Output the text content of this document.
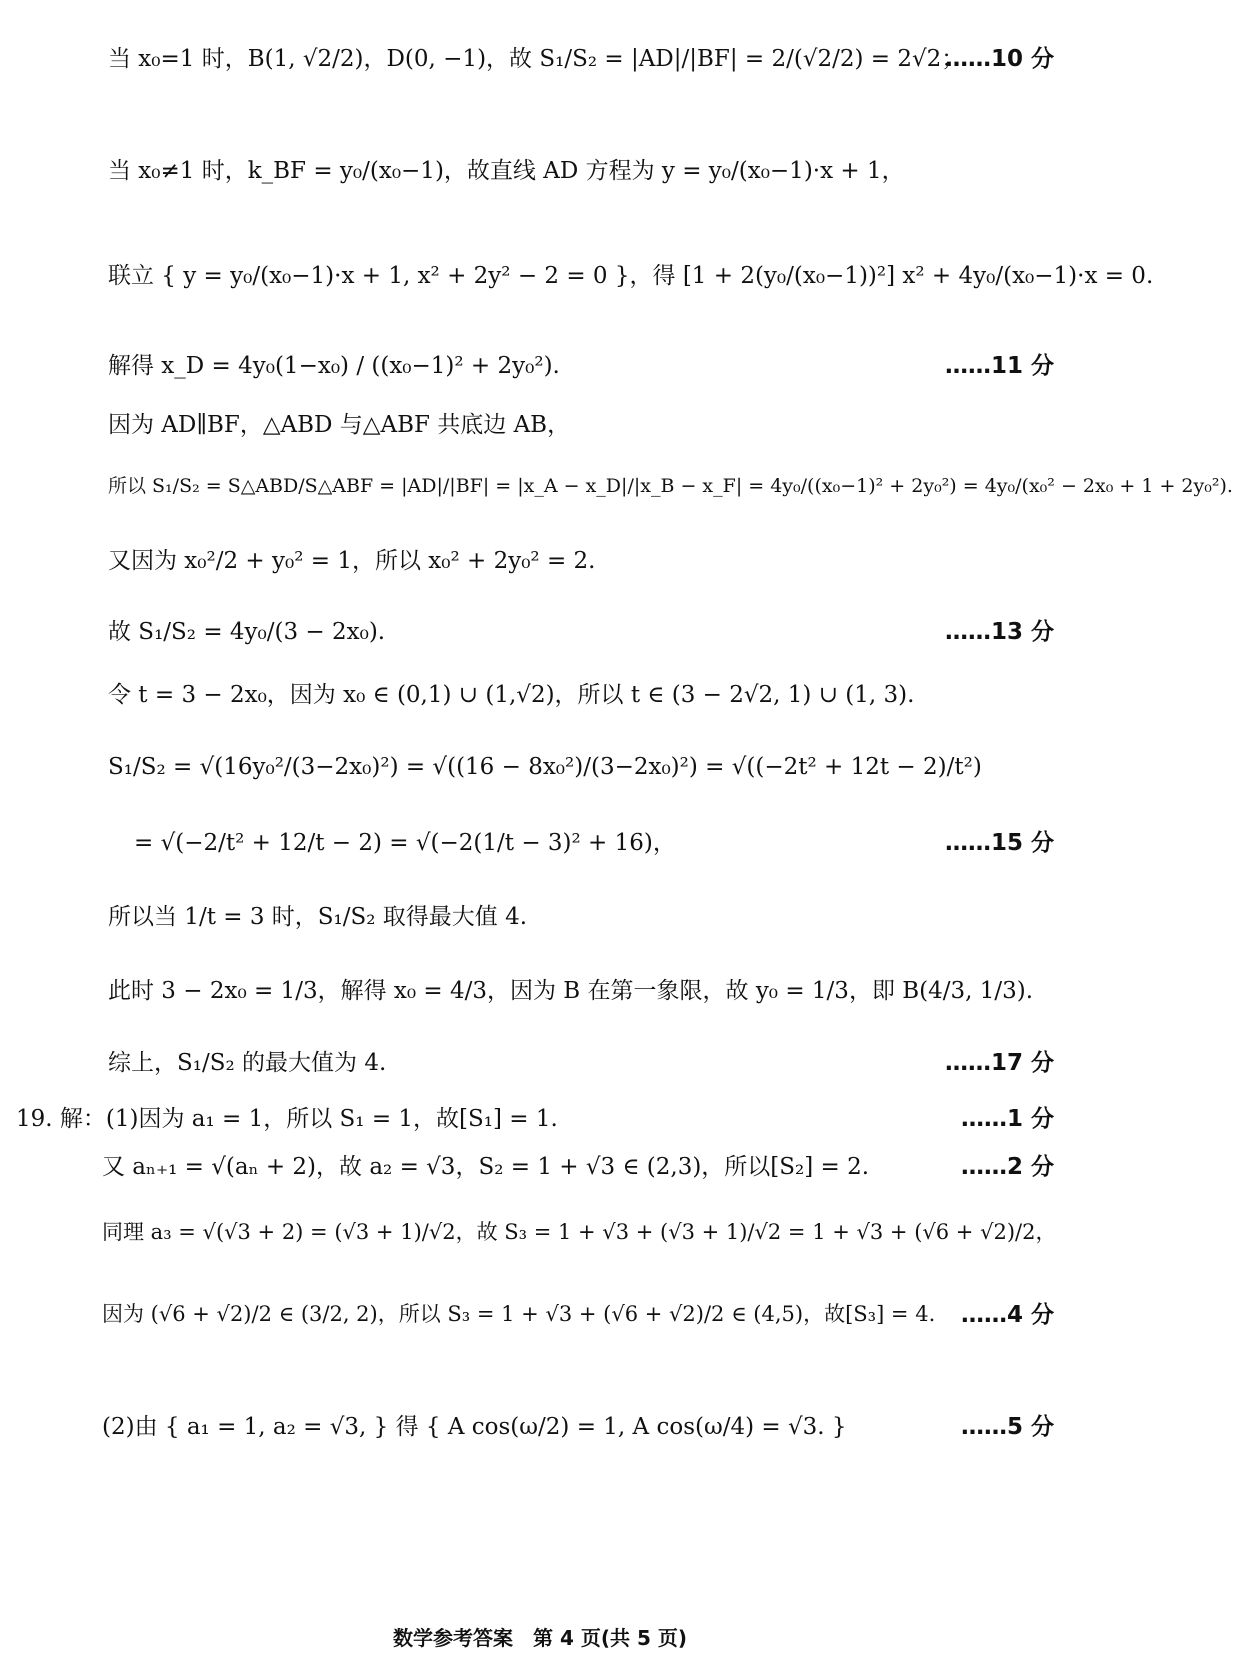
当 x₀=1 时，B(1, √2/2)，D(0, −1)，故 S₁/S₂ = |AD|/|BF| = 2/(√2/2) = 2√2；
……10 分
当 x₀≠1 时，k_BF = y₀/(x₀−1)，故直线 AD 方程为 y = y₀/(x₀−1)·x + 1，
联立 { y = y₀/(x₀−1)·x + 1, x² + 2y² − 2 = 0 }，得 [1 + 2(y₀/(x₀−1))²] x² + 4y₀/(x₀−1)·x = 0.
解得 x_D = 4y₀(1−x₀) / ((x₀−1)² + 2y₀²).	……11 分
因为 AD∥BF，△ABD 与△ABF 共底边 AB，
所以 S₁/S₂ = S△ABD/S△ABF = |AD|/|BF| = |x_A − x_D|/|x_B − x_F| = 4y₀/((x₀−1)² + 2y₀²) = 4y₀/(x₀² − 2x₀ + 1 + 2y₀²).
又因为 x₀²/2 + y₀² = 1，所以 x₀² + 2y₀² = 2.
故 S₁/S₂ = 4y₀/(3 − 2x₀).	……13 分
令 t = 3 − 2x₀，因为 x₀ ∈ (0,1) ∪ (1,√2)，所以 t ∈ (3 − 2√2, 1) ∪ (1, 3).
S₁/S₂ = √(16y₀²/(3−2x₀)²) = √((16 − 8x₀²)/(3−2x₀)²) = √((−2t² + 12t − 2)/t²)
= √(−2/t² + 12/t − 2) = √(−2(1/t − 3)² + 16)，	……15 分
所以当 1/t = 3 时，S₁/S₂ 取得最大值 4.
此时 3 − 2x₀ = 1/3，解得 x₀ = 4/3，因为 B 在第一象限，故 y₀ = 1/3，即 B(4/3, 1/3).
综上，S₁/S₂ 的最大值为 4.	……17 分
19. 解：(1)因为 a₁ = 1，所以 S₁ = 1，故[S₁] = 1.	……1 分
又 aₙ₊₁ = √(aₙ + 2)，故 a₂ = √3，S₂ = 1 + √3 ∈ (2,3)，所以[S₂] = 2.	……2 分
同理 a₃ = √(√3 + 2) = (√3 + 1)/√2，故 S₃ = 1 + √3 + (√3 + 1)/√2 = 1 + √3 + (√6 + √2)/2，
因为 (√6 + √2)/2 ∈ (3/2, 2)，所以 S₃ = 1 + √3 + (√6 + √2)/2 ∈ (4,5)，故[S₃] = 4. ……4 分
(2)由 { a₁ = 1, a₂ = √3, } 得 { A cos(ω/2) = 1, A cos(ω/4) = √3. }	……5 分
数学参考答案　第 4 页(共 5 页)
